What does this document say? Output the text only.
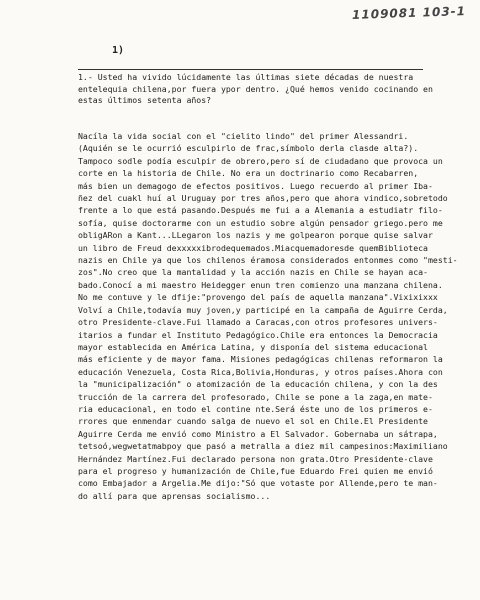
1109081 103-1
1)
1.- Usted ha vivido lúcidamente las últimas siete décadas de nuestra
entelequia chilena,por fuera ypor dentro. ¿Qué hemos venido cocinando en
estas últimos setenta años?
Nacíla la vida social con el "cielito lindo" del primer Alessandri.
(Aquién se le ocurrió esculpirlo de frac,símbolo derla clasde alta?).
Tampoco sodle podía esculpir de obrero,pero sí de ciudadano que provoca un
corte en la historia de Chile. No era un doctrinario como Recabarren,
más bien un demagogo de efectos positivos. Luego recuerdo al primer Iba-
ñez del cuakl huí al Uruguay por tres años,pero que ahora vindico,sobretodo
frente a lo que está pasando.Después me fui a a Alemania a estudiatr filo-
sofía, quise doctorarme con un estudio sobre algún pensador griego.pero me
obligARon a Kant...LLegaron los nazis y me golpearon porque quise salvar
un libro de Freud dexxxxxibrodequemados.Miacquemadoresde quemBiblioteca
nazis en Chile ya que los chilenos éramosa considerados entonmes como "mesti-
zos".No creo que la mantalidad y la acción nazis en Chile se hayan aca-
bado.Conocí a mi maestro Heidegger enun tren comienzo una manzana chilena.
No me contuve y le dfije:"provengo del país de aquella manzana".Vixixixxx
Volví a Chile,todavía muy joven,y participé en la campaña de Aguirre Cerda,
otro Presidente-clave.Fui llamado a Caracas,con otros profesores univers-
itarios a fundar el Instituto Pedagógico.Chile era entonces la Democracia
mayor establecida en América Latina, y disponía del sistema educacional
más eficiente y de mayor fama. Misiones pedagógicas chilenas reformaron la
educación Venezuela, Costa Rica,Bolivia,Honduras, y otros países.Ahora con
la "municipalización" o atomización de la educación chilena, y con la des
trucción de la carrera del profesorado, Chile se pone a la zaga,en mate-
ria educacional, en todo el contine nte.Será éste uno de los primeros e-
rrores que enmendar cuando salga de nuevo el sol en Chile.El Presidente
Aguirre Cerda me envió como Ministro a El Salvador. Gobernaba un sátrapa,
tetsoó,wegwetatmabpoy que pasó a metralla a diez mil campesinos:Maximiliano
Hernández Martínez.Fui declarado persona non grata.Otro Presidente-clave
para el progreso y humanización de Chile,fue Eduardo Frei quien me envió
como Embajador a Argelia.Me dijo:"Só que votaste por Allende,pero te man-
do allí para que aprensas socialismo...
